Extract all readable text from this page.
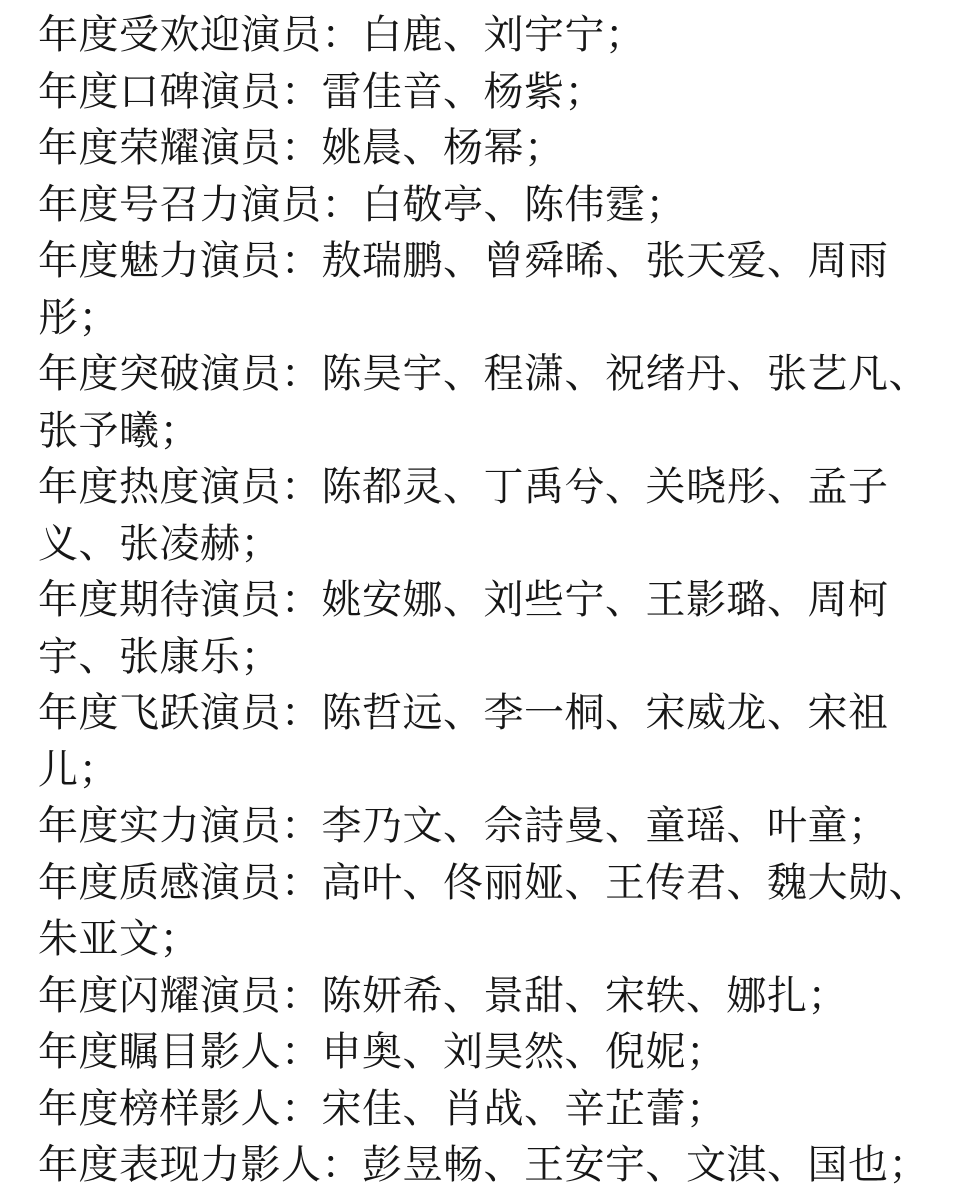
年度受欢迎演员：白鹿、刘宇宁；
年度口碑演员：雷佳音、杨紫；
年度荣耀演员：姚晨、杨幂；
年度号召力演员：白敬亭、陈伟霆；
年度魅力演员：敖瑞鹏、曾舜晞、张天爱、周雨
彤；
年度突破演员：陈昊宇、程潇、祝绪丹、张艺凡、
张予曦；
年度热度演员：陈都灵、丁禹兮、关晓彤、孟子
义、张凌赫；
年度期待演员：姚安娜、刘些宁、王影璐、周柯
宇、张康乐；
年度飞跃演员：陈哲远、李一桐、宋威龙、宋祖
儿；
年度实力演员：李乃文、佘詩曼、童瑶、叶童；
年度质感演员：高叶、佟丽娅、王传君、魏大勋、
朱亚文；
年度闪耀演员：陈妍希、景甜、宋轶、娜扎；
年度瞩目影人：申奥、刘昊然、倪妮；
年度榜样影人：宋佳、肖战、辛芷蕾；
年度表现力影人：彭昱畅、王安宇、文淇、国也；
